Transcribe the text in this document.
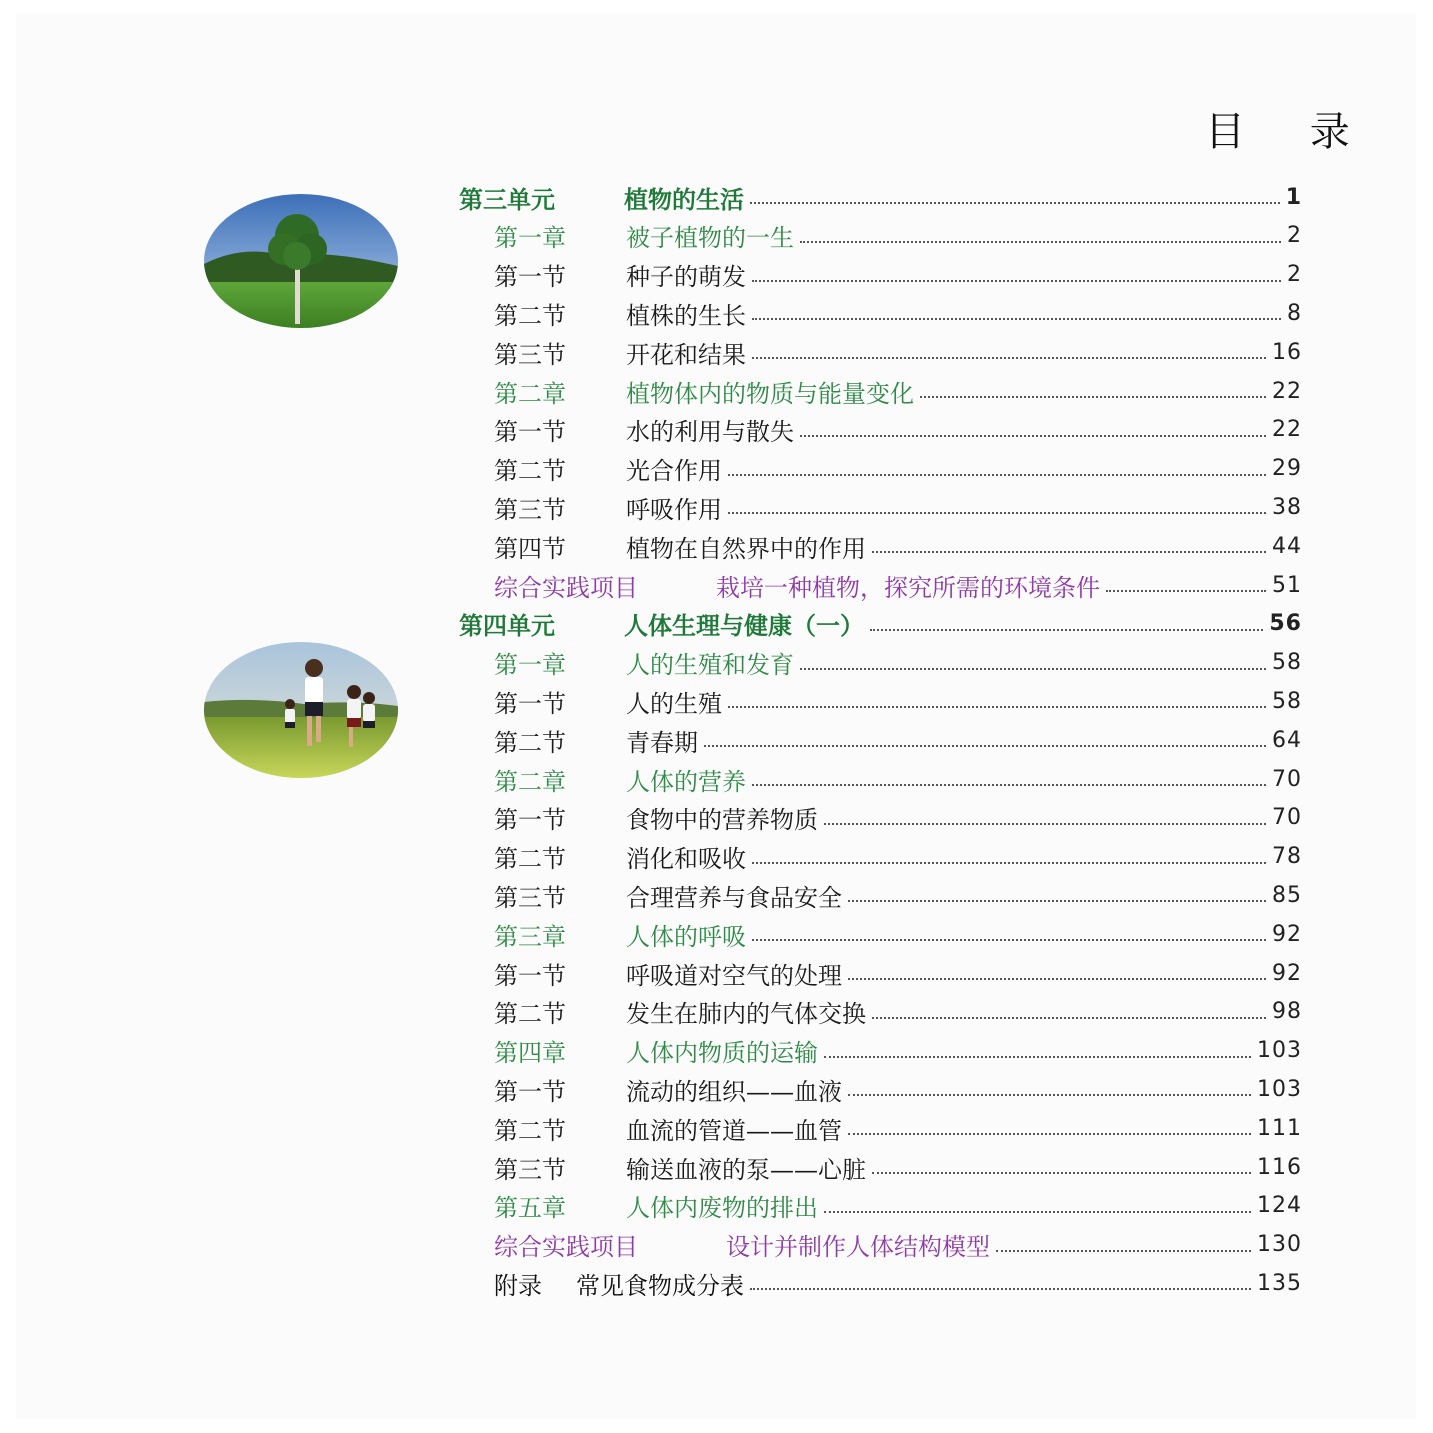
目 录
第三单元	植物的生活	1
第一章	被子植物的一生	2
第一节	种子的萌发	2
第二节	植株的生长	8
第三节	开花和结果	16
第二章	植物体内的物质与能量变化	22
第一节	水的利用与散失	22
第二节	光合作用	29
第三节	呼吸作用	38
第四节	植物在自然界中的作用	44
综合实践项目	栽培一种植物，探究所需的环境条件	51
第四单元	人体生理与健康（一）	56
第一章	人的生殖和发育	58
第一节	人的生殖	58
第二节	青春期	64
第二章	人体的营养	70
第一节	食物中的营养物质	70
第二节	消化和吸收	78
第三节	合理营养与食品安全	85
第三章	人体的呼吸	92
第一节	呼吸道对空气的处理	92
第二节	发生在肺内的气体交换	98
第四章	人体内物质的运输	103
第一节	流动的组织——血液	103
第二节	血流的管道——血管	111
第三节	输送血液的泵——心脏	116
第五章	人体内废物的排出	124
综合实践项目	设计并制作人体结构模型	130
附录	常见食物成分表	135
